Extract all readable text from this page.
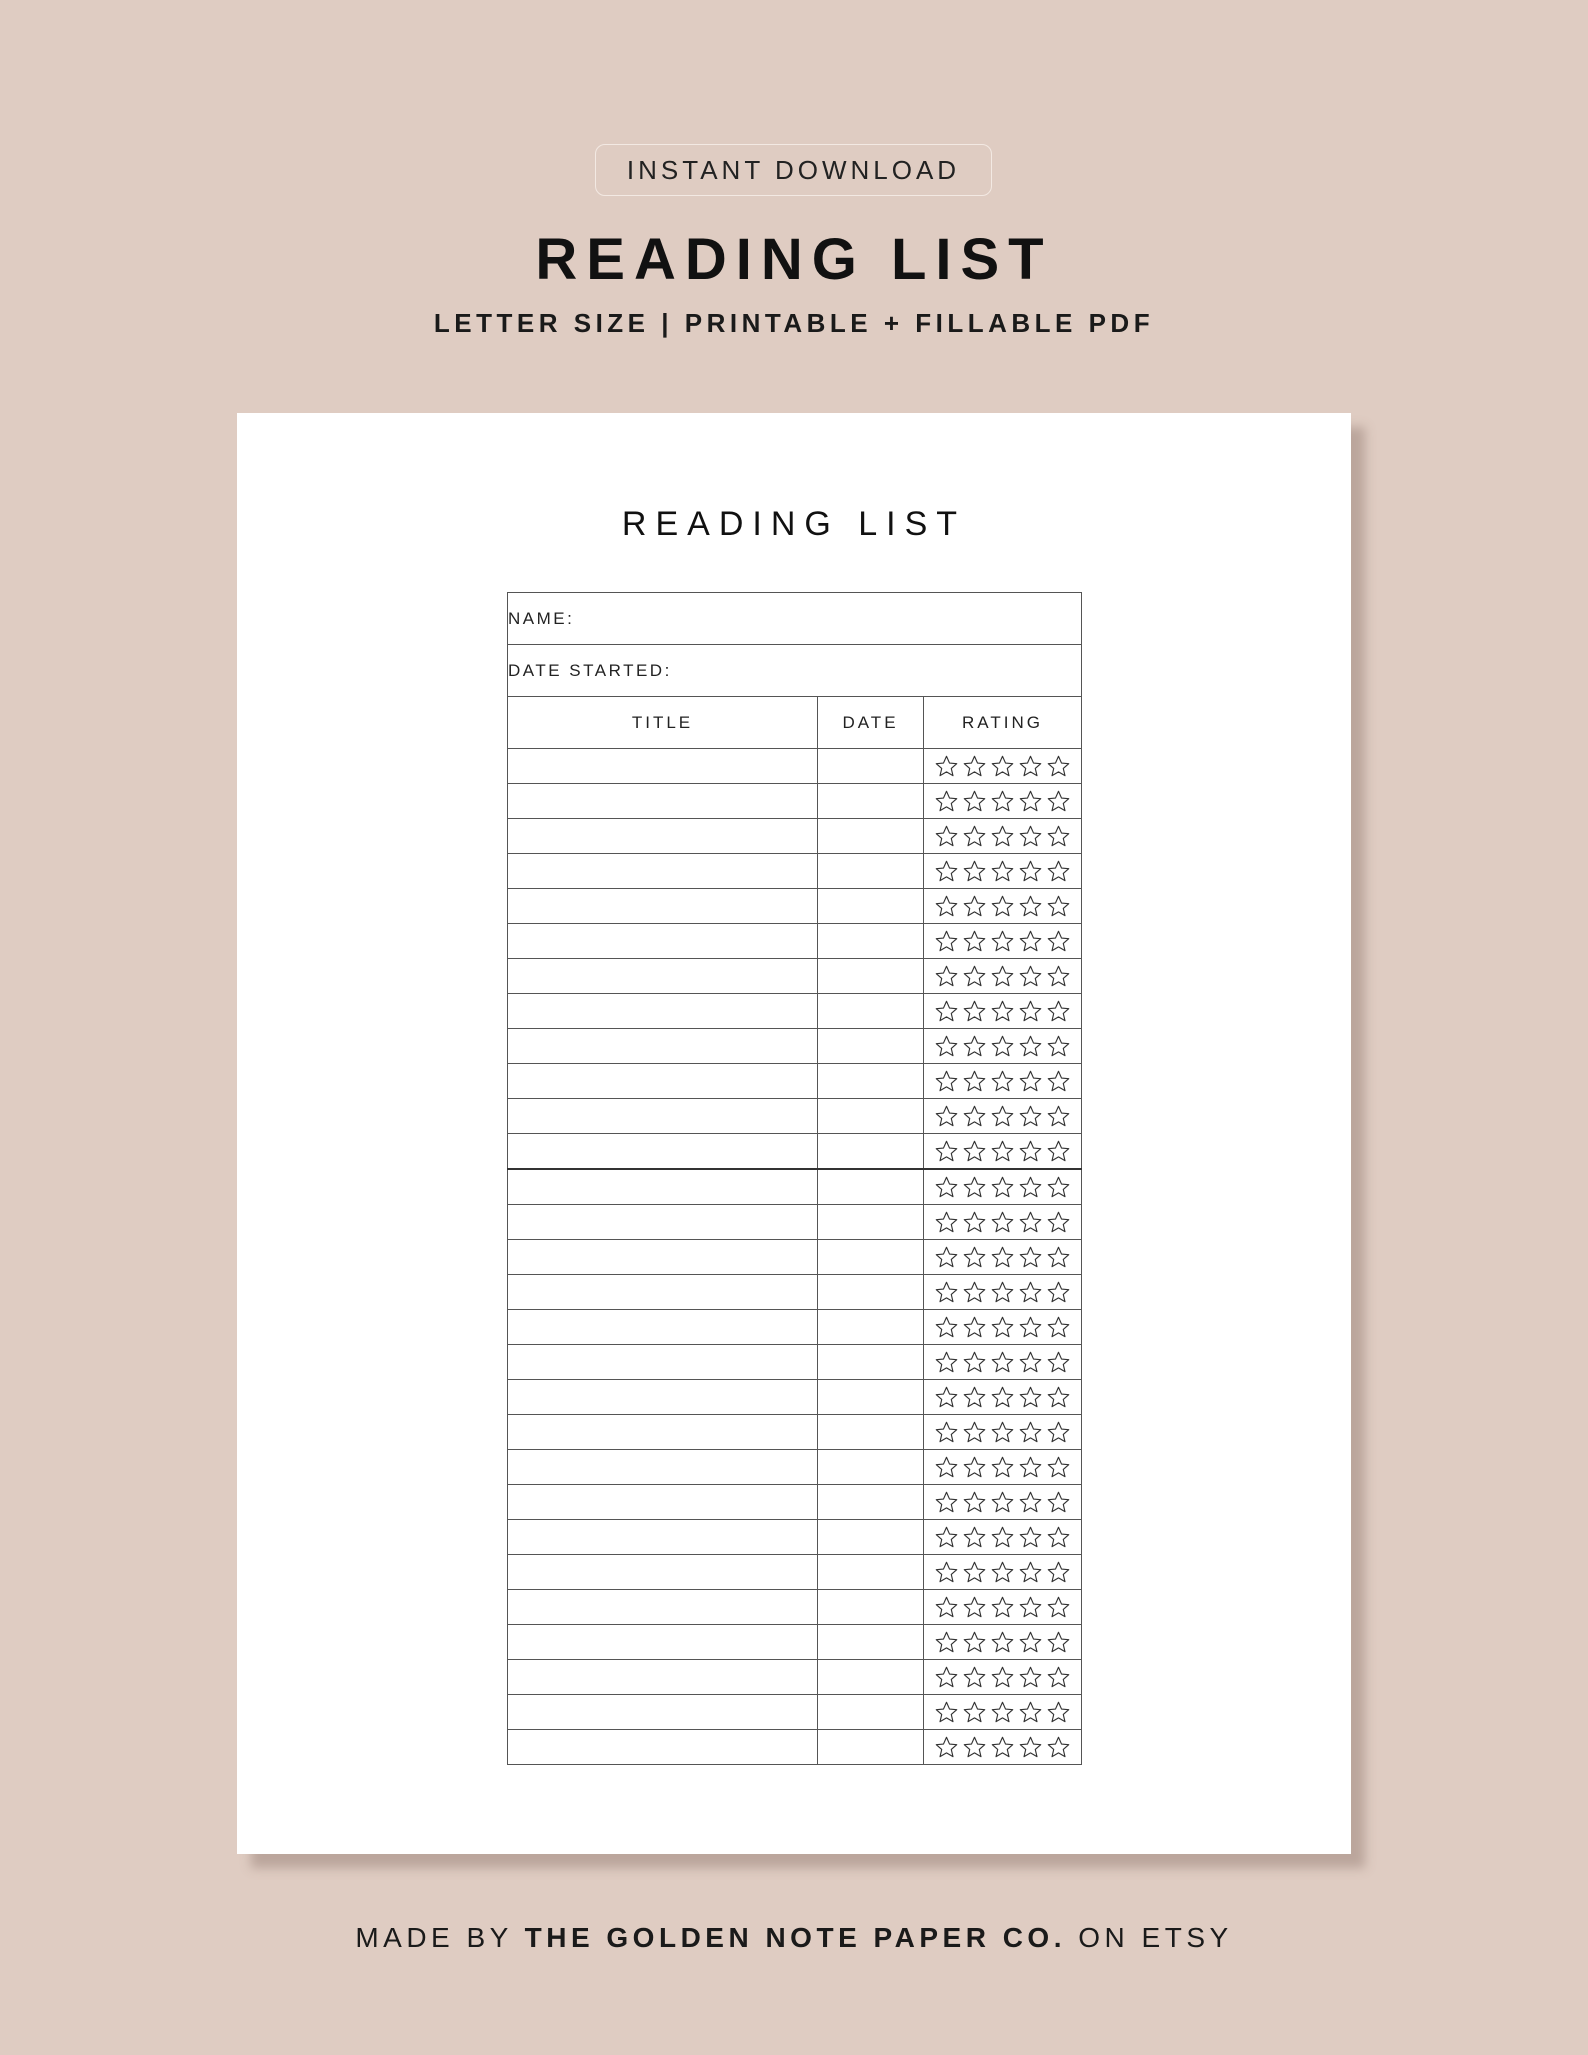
INSTANT DOWNLOAD
READING LIST
LETTER SIZE | PRINTABLE + FILLABLE PDF
READING LIST
NAME:		
DATE STARTED:		
TITLE	DATE	RATING

MADE BY THE GOLDEN NOTE PAPER CO. ON ETSY
